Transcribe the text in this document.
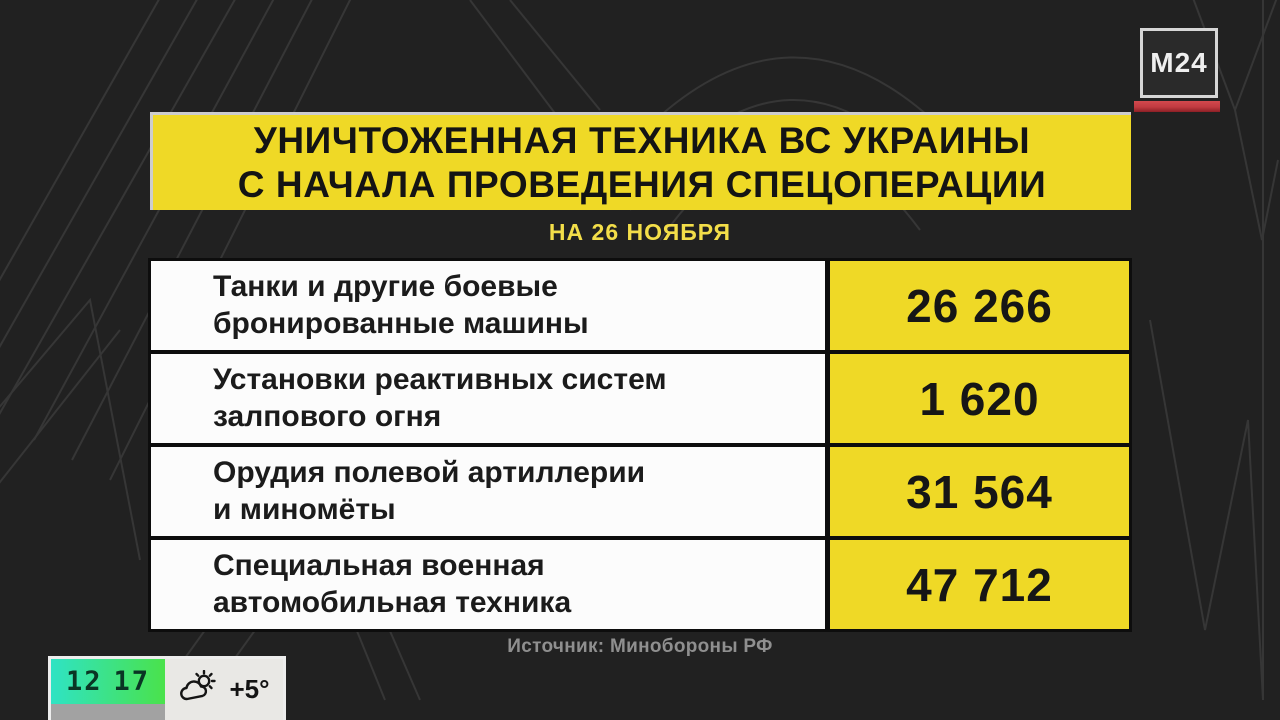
M24
УНИЧТОЖЕННАЯ ТЕХНИКА ВС УКРАИНЫ
С НАЧАЛА ПРОВЕДЕНИЯ СПЕЦОПЕРАЦИИ
НА 26 НОЯБРЯ
Танки и другие боевые
бронированные машины	26 266
Установки реактивных систем
залпового огня	1 620
Орудия полевой артиллерии
и миномёты	31 564
Специальная военная
автомобильная техника	47 712
Источник: Минобороны РФ
12 17	+5°
